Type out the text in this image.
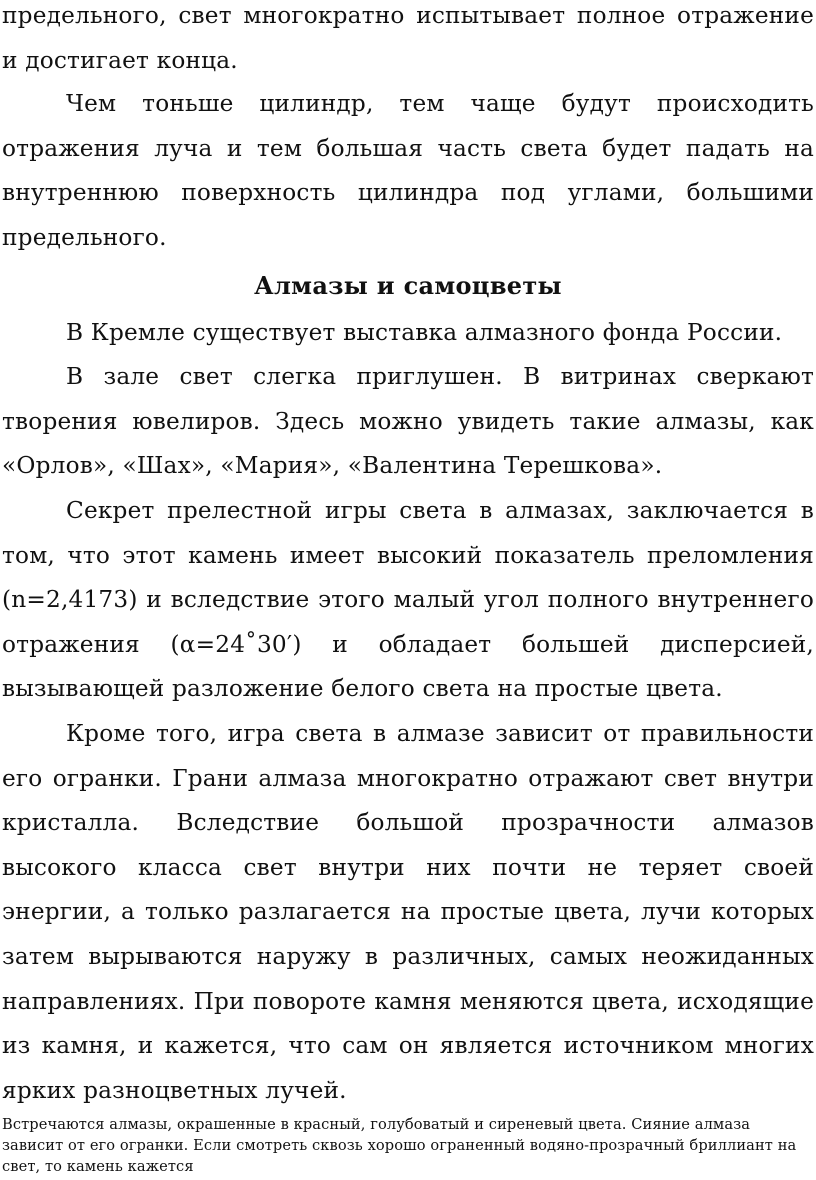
предельного, свет многократно испытывает полное отражение и достигает конца.

Чем тоньше цилиндр, тем чаще будут происходить отражения луча и тем большая часть света будет падать на внутреннюю поверхность цилиндра под углами, большими предельного.

Алмазы и самоцветы

В Кремле существует выставка алмазного фонда России.

В зале свет слегка приглушен. В витринах сверкают творения ювелиров. Здесь можно увидеть такие алмазы, как «Орлов», «Шах», «Мария», «Валентина Терешкова».

Секрет прелестной игры света в алмазах, заключается в том, что этот камень имеет высокий показатель преломления (n=2,4173) и вследствие этого малый угол полного внутреннего отражения (α=24˚30′) и обладает большей дисперсией, вызывающей разложение белого света на простые цвета.

Кроме того, игра света в алмазе зависит от правильности его огранки. Грани алмаза многократно отражают свет внутри кристалла. Вследствие большой прозрачности алмазов высокого класса свет внутри них почти не теряет своей энергии, а только разлагается на простые цвета, лучи которых затем вырываются наружу в различных, самых неожиданных направлениях. При повороте камня меняются цвета, исходящие из камня, и кажется, что сам он является источником многих ярких разноцветных лучей.

Встречаются алмазы, окрашенные в красный, голубоватый и сиреневый цвета. Сияние алмаза зависит от его огранки. Если смотреть сквозь хорошо ограненный водяно-прозрачный бриллиант на свет, то камень кажется
